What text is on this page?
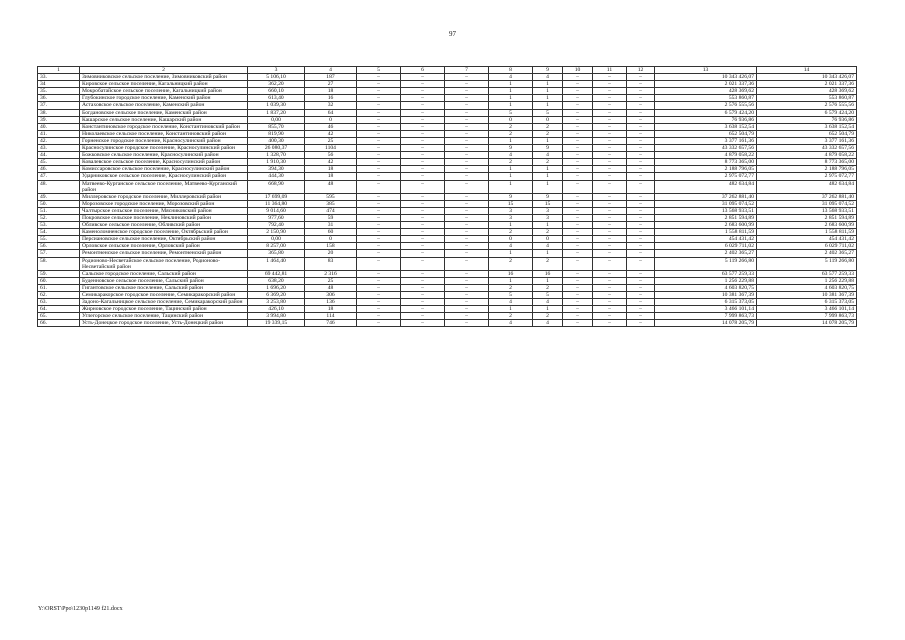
97
1	2	3	4	5	6	7	8	9	10	11	12	13	14
33.	Зимовниковское сельское поселение, Зимовниковский район	5 106,10	187	–	–	–	4	4	–	–	–	10 343 426,07	10 343 426,07
34	Кировское сельское поселение, Кагальницкий район	362,20	27	–	–	–	1	1	–	–	–	2 021 337,36	2 021 337,36
35.	Мокробатайское сельское поселение, Кагальницкий район	660,10	18	–	–	–	1	1	–	–	–	428 369,62	428 369,62
36.	Глубокинское городское поселение, Каменский район	613,40	16	–	–	–	1	1	–	–	–	553 860,87	553 860,87
37.	Астаховское сельское поселение, Каменский район	1 039,30	32	–	–	–	1	1	–	–	–	2 576 555,56	2 576 555,56
38.	Богдановское сельское поселение, Каменский район	1 837,20	64	–	–	–	5	5	–	–	–	6 579 424,20	6 579 424,20
39.	Кашарское сельское поселение, Кашарский район	0,00	0	–	–	–	0	0	–	–	–	76 936,86	76 936,86
40.	Константиновское городское поселение, Константиновский район	855,70	46	–	–	–	2	2	–	–	–	3 638 152,54	3 638 152,54
41.	Николаевское сельское поселение, Константиновский район	819,90	42	–	–	–	2	2	–	–	–	652 504,79	652 504,79
42.	Горненское городское поселение, Красносулинский район	400,30	25	–	–	–	1	1	–	–	–	3 377 161,36	3 377 161,36
43.	Красносулинское городское поселение, Красносулинский район	26 080,37	1104	–	–	–	9	9	–	–	–	43 332 657,56	43 332 657,56
44.	Божковское сельское поселение, Красносулинский район	1 328,70	56	–	–	–	4	4	–	–	–	4 879 058,22	4 879 058,22
45.	Ковалевское сельское поселение, Красносулинский район	1 910,30	42	–	–	–	2	2	–	–	–	8 773 365,00	8 773 365,00
46.	Комиссаровское сельское поселение, Красносулинский район	394,30	18	–	–	–	1	1	–	–	–	2 188 796,05	2 188 796,05
47.	Ударниковское сельское поселение, Красносулинский район	444,30	18	–	–	–	1	1	–	–	–	2 975 072,77	2 975 072,77
48.	Матвеево-Курганское сельское поселение, Матвеево-Курганский район	668,90	48	–	–	–	1	1	–	–	–	482 634,84	482 634,84
49.	Миллеровское городское поселение, Миллеровский район	17 699,09	595	–	–	–	9	9	–	–	–	37 262 881,40	37 262 881,40
50.	Морозовское городское поселение, Морозовский район	11 364,80	385	–	–	–	15	15	–	–	–	31 095 074,52	31 095 074,52
51.	Чалтырское сельское поселение, Мясниковский район	9 014,60	474	–	–	–	3	3	–	–	–	13 568 933,51	13 568 933,51
52.	Покровское сельское поселение, Неклиновский район	977,60	59	–	–	–	3	3	–	–	–	2 851 594,89	2 851 594,89
53.	Обливское сельское поселение, Обливский район	792,40	31	–	–	–	1	1	–	–	–	2 683 600,99	2 683 600,99
54.	Каменоломненское городское поселение, Октябрьский район	2 150,90	60	–	–	–	2	2	–	–	–	1 558 811,59	1 558 811,59
55.	Персиановское сельское поселение, Октябрьский район	0,00	0	–	–	–	0	0	–	–	–	454 431,42	454 431,42
56.	Орловское сельское поселение, Орловский район	8 257,00	158	–	–	–	4	4	–	–	–	6 029 711,02	6 029 711,02
57.	Ремонтненское сельское поселение, Ремонтненский район	365,80	20	–	–	–	1	1	–	–	–	2 402 365,27	2 402 365,27
58.	Родионово-Несветайское сельское поселение, Родионово-Несветайский район	1 464,40	83	–	–	–	2	2	–	–	–	5 119 266,80	5 119 266,80
59.	Сальское городское поселение, Сальский район	69 442,81	2 316	–	–	–	16	16	–	–	–	63 577 259,33	63 577 259,33
60.	Буденновское сельское поселение, Сальский район	638,20	25	–	–	–	1	1	–	–	–	1 256 229,88	1 256 229,88
61.	Гигантовское сельское поселение, Сальский район	1 696,20	48	–	–	–	2	2	–	–	–	4 603 820,75	4 603 820,75
62.	Семикаракорское городское поселение, Семикаракорский район	6 369,20	306	–	–	–	5	5	–	–	–	10 381 367,39	10 381 367,39
63.	Задоно-Кагальницкое сельское поселение, Семикаракорский район	3 253,80	136	–	–	–	4	4	–	–	–	6 315 373,05	6 315 373,05
64.	Жирновское городское поселение, Тацинский район	426,10	18	–	–	–	1	1	–	–	–	3 466 101,14	3 466 101,14
65.	Углегорское сельское поселение, Тацинский район	3 994,80	114	–	–	–	2	2	–	–	–	7 999 863,73	7 999 863,73
66.	Усть-Донецкое городское поселение, Усть-Донецкий район	19 339,15	746	–	–	–	4	4	–	–	–	14 078 205,79	14 078 205,79
Y:\ORST\Ppo\1230p1149 f21.docx
